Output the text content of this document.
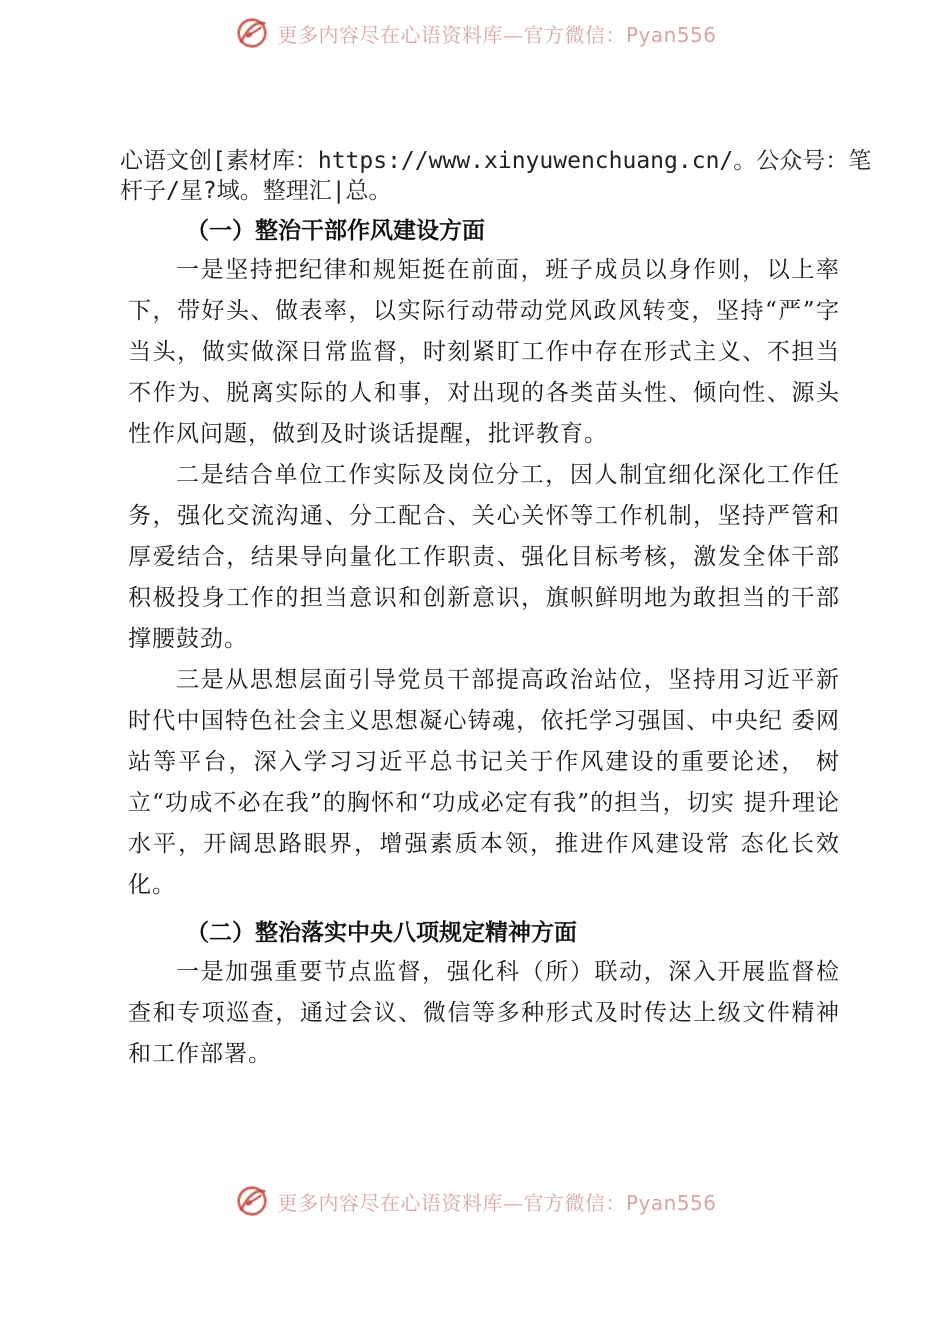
更多内容尽在心语资料库—官方微信：Pyan556
心语文创[素材库：https://www.xinyuwenchuang.cn/。公众号：笔杆子/星?域。整理汇|总。
（一）整治干部作风建设方面
一是坚持把纪律和规矩挺在前面，班子成员以身作则，以上率下，带好头、做表率，以实际行动带动党风政风转变，坚持“严”字当头，做实做深日常监督，时刻紧盯工作中存在形式主义、不担当不作为、脱离实际的人和事，对出现的各类苗头性、倾向性、源头性作风问题，做到及时谈话提醒，批评教育。
二是结合单位工作实际及岗位分工，因人制宜细化深化工作任务，强化交流沟通、分工配合、关心关怀等工作机制，坚持严管和厚爱结合，结果导向量化工作职责、强化目标考核，激发全体干部积极投身工作的担当意识和创新意识，旗帜鲜明地为敢担当的干部撑腰鼓劲。
三是从思想层面引导党员干部提高政治站位，坚持用习近平新时代中国特色社会主义思想凝心铸魂，依托学习强国、中央纪 委网站等平台，深入学习习近平总书记关于作风建设的重要论述， 树立“功成不必在我”的胸怀和“功成必定有我”的担当，切实 提升理论水平，开阔思路眼界，增强素质本领，推进作风建设常 态化长效化。
（二）整治落实中央八项规定精神方面
一是加强重要节点监督，强化科（所）联动，深入开展监督检查和专项巡查，通过会议、微信等多种形式及时传达上级文件精神和工作部署。
更多内容尽在心语资料库—官方微信：Pyan556
